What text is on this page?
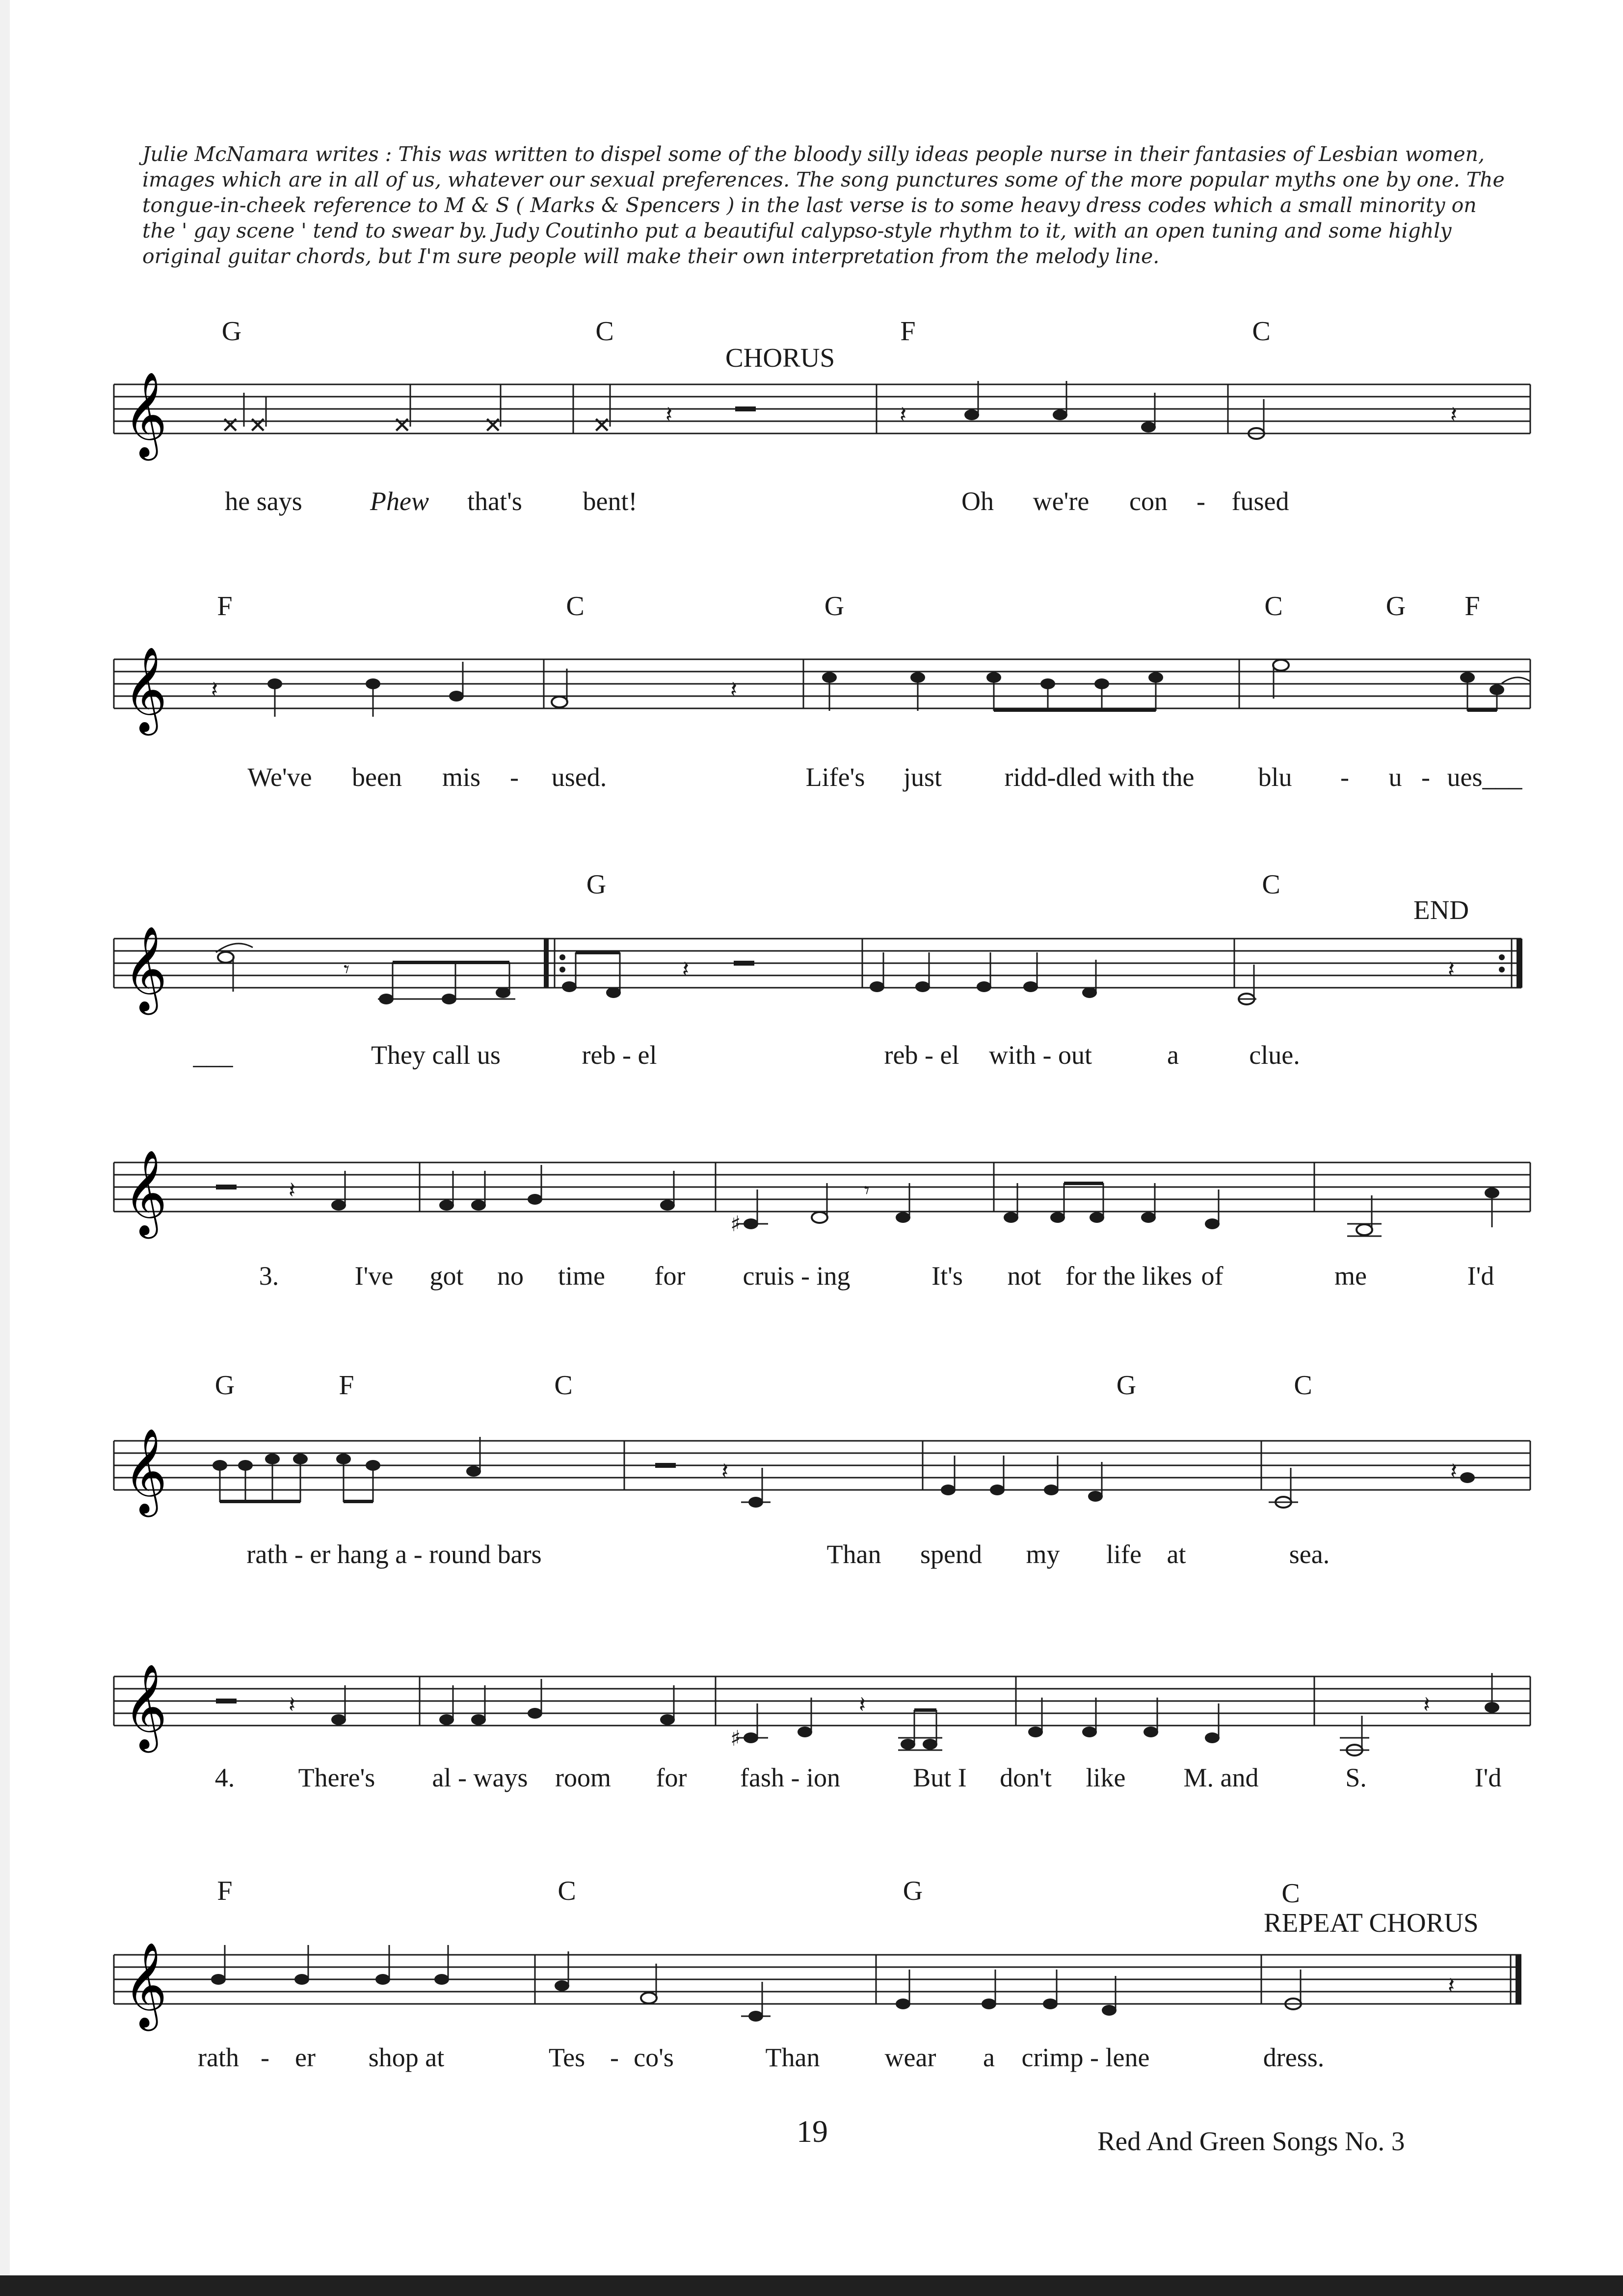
Julie McNamara writes : This was written to dispel some of the bloody silly ideas people nurse in their fantasies of Lesbian women, images which are in all of us, whatever our sexual preferences. The song punctures some of the more popular myths one by one. The tongue-in-cheek reference to M & S ( Marks & Spencers ) in the last verse is to some heavy dress codes which a small minority on the ' gay scene ' tend to swear by. Judy Coutinho put a beautiful calypso-style rhythm to it, with an open tuning and some highly original guitar chords, but I'm sure people will make their own interpretation from the melody line.

𝄞 ✕ ✕	✕	✕	✕ 𝄽	𝄽	𝄽
G	C	F	C
CHORUS
he says	Phew that's bent!	Oh we're con - fused
𝄞 𝄽	𝄽
F	C	G	C	G F
We've been mis - used.	Life's just ridd-dled with the blu - u - ues___
𝄞	𝄾	𝄽	𝄽
G	C
END
___	They call us	reb - el	reb - el with - out	a	clue.
𝄞	𝄽	𝄾
♯
3.	I've got no time for cruis - ing	It's not for the likes of	me	I'd
𝄞	𝄽	𝄽
G	F	C	G	C
rath - er hang a - round bars	Than spend my life at	sea.
𝄞	𝄽	𝄽	𝄽
♯
4. There's al - ways room for fash - ion	But I don't like M. and	S.	I'd
𝄞	𝄽
F	C	G	C
REPEAT CHORUS
rath - er shop at	Tes - co's	Than wear a crimp - lene	dress.
19	Red And Green Songs No. 3
